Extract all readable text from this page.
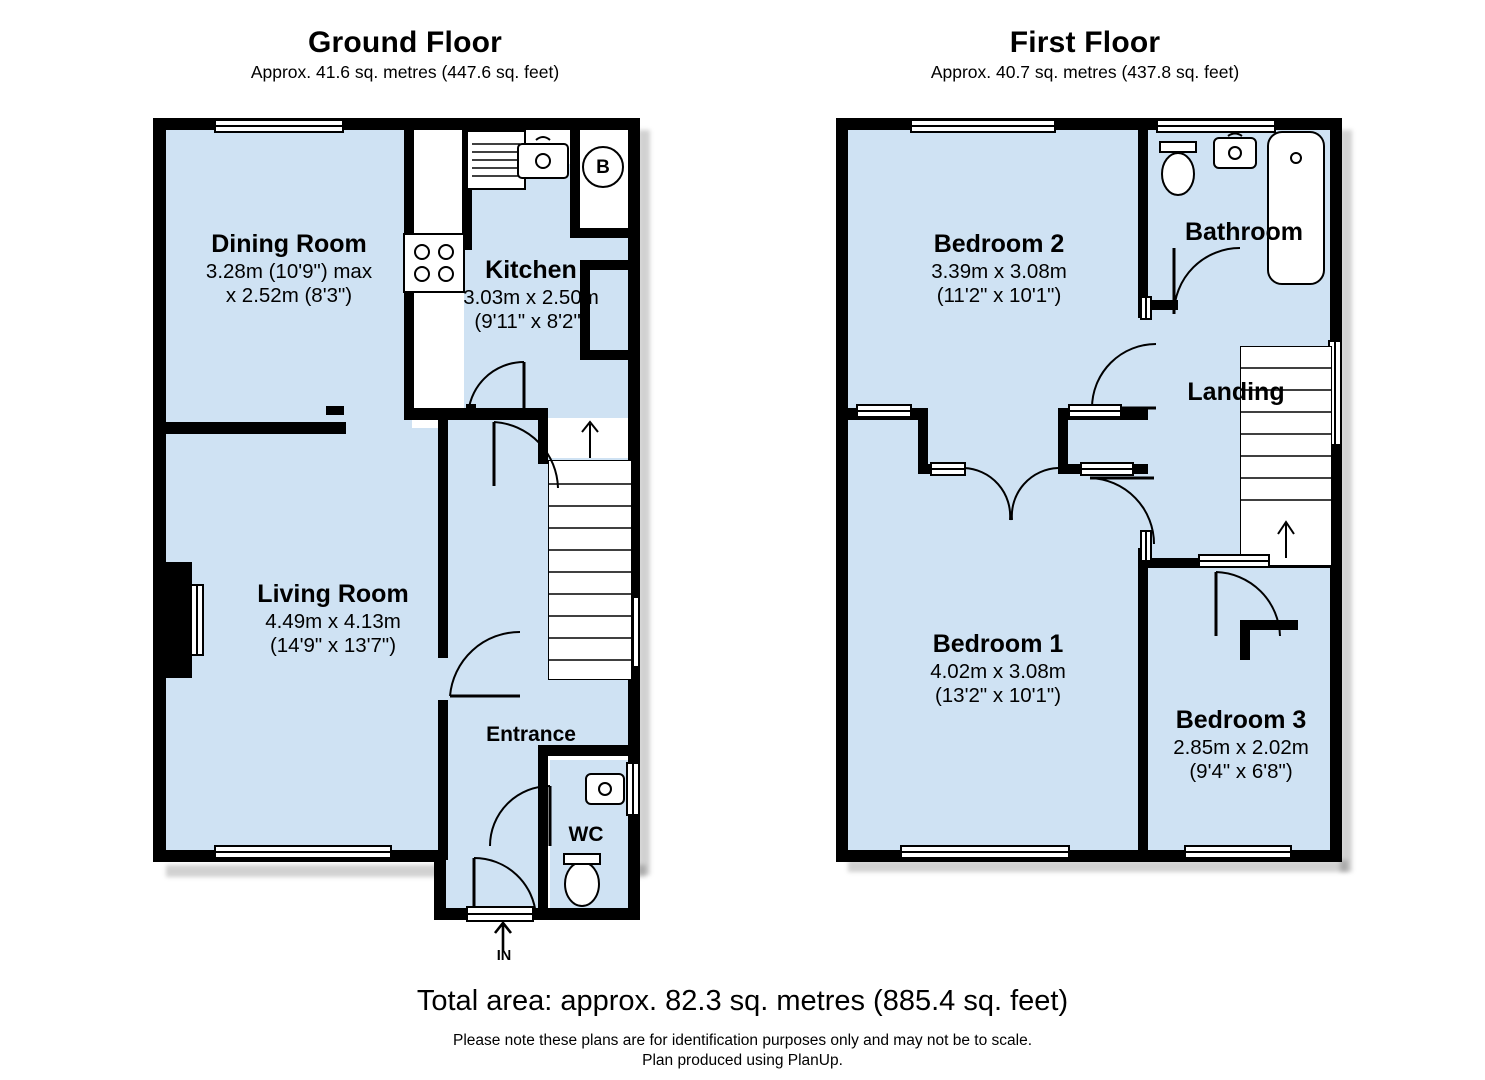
Ground Floor
Approx. 41.6 sq. metres (447.6 sq. feet)
First Floor
Approx. 40.7 sq. metres (437.8 sq. feet)
B
IN
Dining Room
3.28m (10'9") max
x 2.52m (8'3")
Kitchen
3.03m x 2.50m
(9'11" x 8'2")
Living Room
4.49m x 4.13m
(14'9" x 13'7")
Entrance
WC
Bedroom 2
3.39m x 3.08m
(11'2" x 10'1")
Bathroom
Landing
Bedroom 1
4.02m x 3.08m
(13'2" x 10'1")
Bedroom 3
2.85m x 2.02m
(9'4" x 6'8")
Total area: approx. 82.3 sq. metres (885.4 sq. feet)
Please note these plans are for identification purposes only and may not be to scale.
Plan produced using PlanUp.
